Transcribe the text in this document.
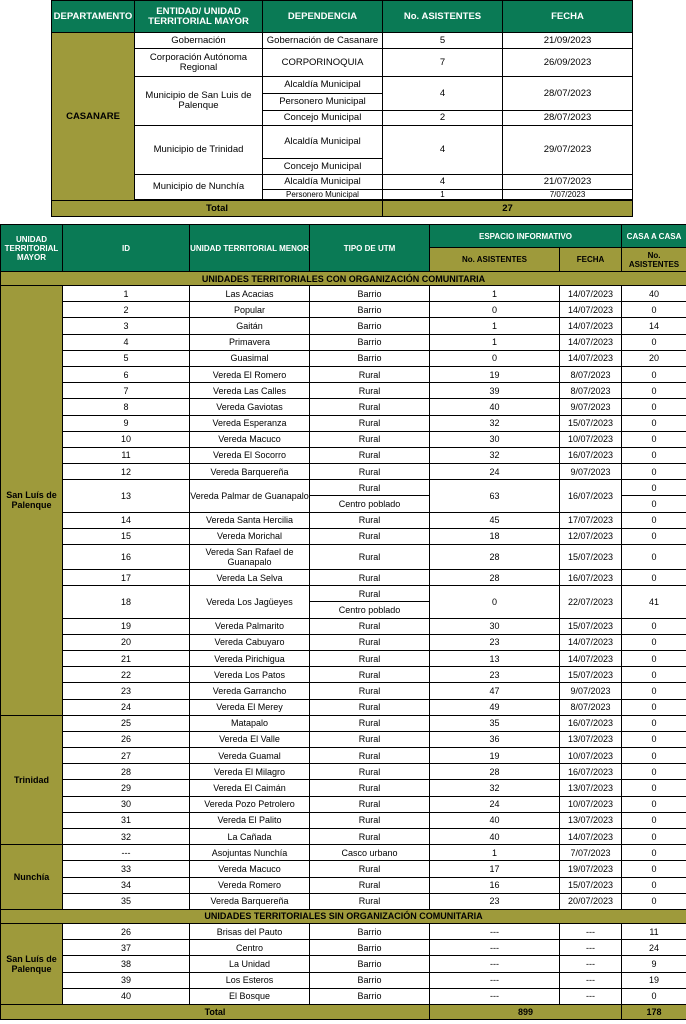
DEPARTAMENTO	ENTIDAD/ UNIDAD TERRITORIAL MAYOR	DEPENDENCIA	No. ASISTENTES	FECHA
CASANARE	Gobernación	Gobernación de Casanare	5	21/09/2023
	Corporación Autónoma Regional	CORPORINOQUIA	7	26/09/2023
	Municipio de San Luis de Palenque	Alcaldía Municipal	4	28/07/2023
		Personero Municipal		
		Concejo Municipal	2	28/07/2023
	Municipio de Trinidad	Alcaldía Municipal	4	29/07/2023
		Concejo Municipal		
	Municipio de Nunchía	Alcaldía Municipal	4	21/07/2023
		Personero Municipal	1	7/07/2023

Total			27	
UNIDAD TERRITORIAL MAYOR	ID	UNIDAD TERRITORIAL MENOR	TIPO DE UTM	ESPACIO INFORMATIVO		CASA A CASA
				No. ASISTENTES	FECHA	No. ASISTENTES
UNIDADES TERRITORIALES CON ORGANIZACIÓN COMUNITARIA						
San Luís de Palenque	1	Las Acacias	Barrio	1	14/07/2023	40
	2	Popular	Barrio	0	14/07/2023	0
	3	Gaitán	Barrio	1	14/07/2023	14
	4	Primavera	Barrio	1	14/07/2023	0
	5	Guasimal	Barrio	0	14/07/2023	20
	6	Vereda El Romero	Rural	19	8/07/2023	0
	7	Vereda Las Calles	Rural	39	8/07/2023	0
	8	Vereda Gaviotas	Rural	40	9/07/2023	0
	9	Vereda Esperanza	Rural	32	15/07/2023	0
	10	Vereda Macuco	Rural	30	10/07/2023	0
	11	Vereda El Socorro	Rural	32	16/07/2023	0
	12	Vereda Barquereña	Rural	24	9/07/2023	0
	13	Vereda Palmar de Guanapalo	Rural	63	16/07/2023	0
			Centro poblado			0
	14	Vereda Santa Hercilia	Rural	45	17/07/2023	0
	15	Vereda Morichal	Rural	18	12/07/2023	0
	16	Vereda San Rafael de Guanapalo	Rural	28	15/07/2023	0
	17	Vereda La Selva	Rural	28	16/07/2023	0
	18	Vereda Los Jagüeyes	Rural	0	22/07/2023	41
			Centro poblado			
	19	Vereda Palmarito	Rural	30	15/07/2023	0
	20	Vereda Cabuyaro	Rural	23	14/07/2023	0
	21	Vereda Pirichigua	Rural	13	14/07/2023	0
	22	Vereda Los Patos	Rural	23	15/07/2023	0
	23	Vereda Garrancho	Rural	47	9/07/2023	0
	24	Vereda El Merey	Rural	49	8/07/2023	0
Trinidad	25	Matapalo	Rural	35	16/07/2023	0
	26	Vereda El Valle	Rural	36	13/07/2023	0
	27	Vereda Guamal	Rural	19	10/07/2023	0
	28	Vereda El Milagro	Rural	28	16/07/2023	0
	29	Vereda El Caimán	Rural	32	13/07/2023	0
	30	Vereda Pozo Petrolero	Rural	24	10/07/2023	0
	31	Vereda El Palito	Rural	40	13/07/2023	0
	32	La Cañada	Rural	40	14/07/2023	0
Nunchía	---	Asojuntas Nunchía	Casco urbano	1	7/07/2023	0
	33	Vereda Macuco	Rural	17	19/07/2023	0
	34	Vereda Romero	Rural	16	15/07/2023	0
	35	Vereda Barquereña	Rural	23	20/07/2023	0
UNIDADES TERRITORIALES SIN ORGANIZACIÓN COMUNITARIA						
San Luís de Palenque	26	Brisas del Pauto	Barrio	---	---	11
	37	Centro	Barrio	---	---	24
	38	La Unidad	Barrio	---	---	9
	39	Los Esteros	Barrio	---	---	19
	40	El Bosque	Barrio	---	---	0
Total				899		178
